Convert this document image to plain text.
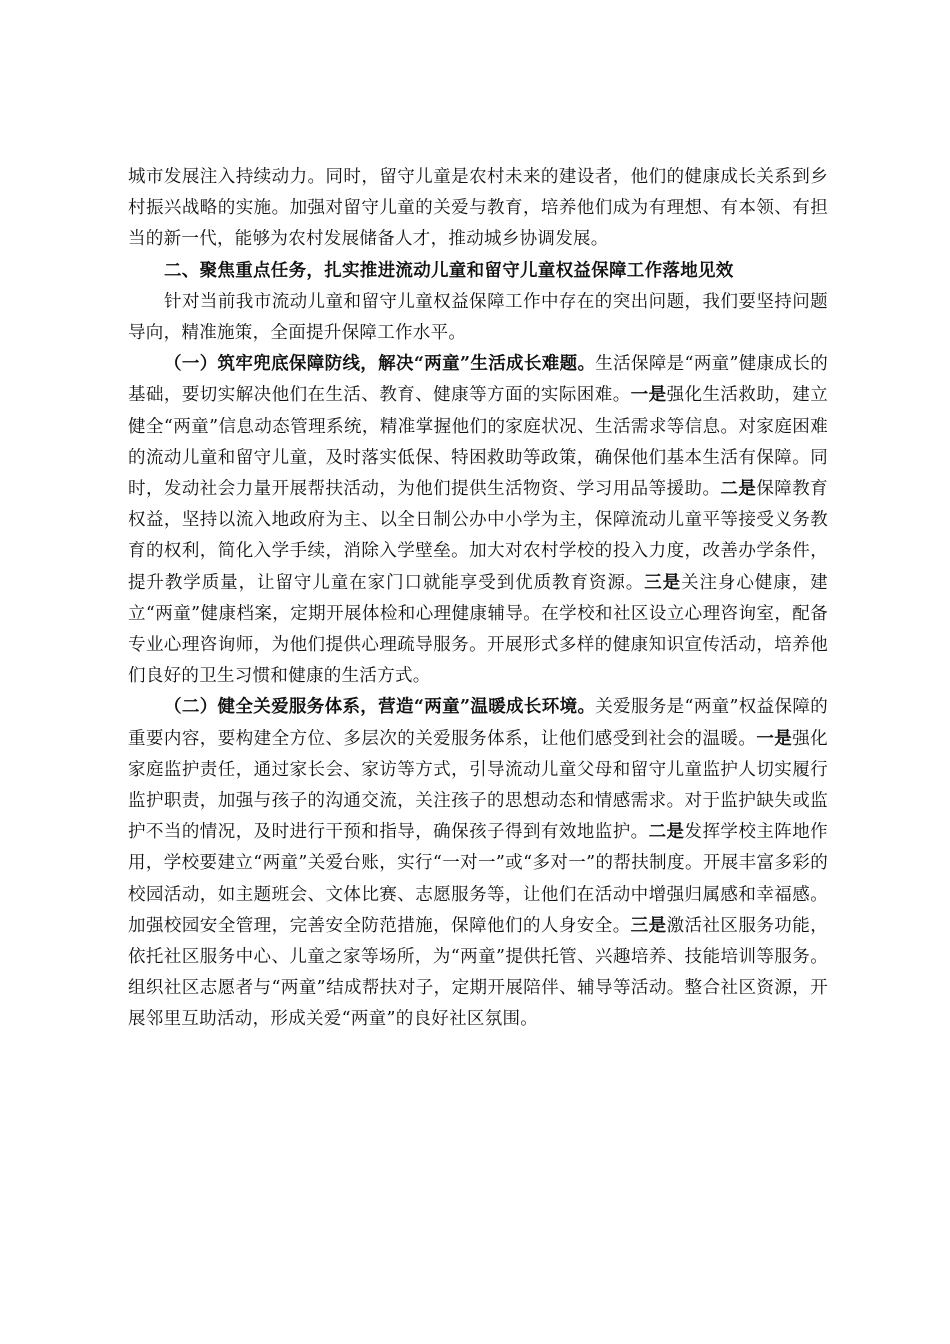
城市发展注入持续动力。同时，留守儿童是农村未来的建设者，他们的健康成长关系到乡村振兴战略的实施。加强对留守儿童的关爱与教育，培养他们成为有理想、有本领、有担当的新一代，能够为农村发展储备人才，推动城乡协调发展。

二、聚焦重点任务，扎实推进流动儿童和留守儿童权益保障工作落地见效

针对当前我市流动儿童和留守儿童权益保障工作中存在的突出问题，我们要坚持问题导向，精准施策，全面提升保障工作水平。

（一）筑牢兜底保障防线，解决“两童”生活成长难题。生活保障是“两童”健康成长的基础，要切实解决他们在生活、教育、健康等方面的实际困难。一是强化生活救助，建立健全“两童”信息动态管理系统，精准掌握他们的家庭状况、生活需求等信息。对家庭困难的流动儿童和留守儿童，及时落实低保、特困救助等政策，确保他们基本生活有保障。同时，发动社会力量开展帮扶活动，为他们提供生活物资、学习用品等援助。二是保障教育权益，坚持以流入地政府为主、以全日制公办中小学为主，保障流动儿童平等接受义务教育的权利，简化入学手续，消除入学壁垒。加大对农村学校的投入力度，改善办学条件，提升教学质量，让留守儿童在家门口就能享受到优质教育资源。三是关注身心健康，建立“两童”健康档案，定期开展体检和心理健康辅导。在学校和社区设立心理咨询室，配备专业心理咨询师，为他们提供心理疏导服务。开展形式多样的健康知识宣传活动，培养他们良好的卫生习惯和健康的生活方式。

（二）健全关爱服务体系，营造“两童”温暖成长环境。关爱服务是“两童”权益保障的重要内容，要构建全方位、多层次的关爱服务体系，让他们感受到社会的温暖。一是强化家庭监护责任，通过家长会、家访等方式，引导流动儿童父母和留守儿童监护人切实履行监护职责，加强与孩子的沟通交流，关注孩子的思想动态和情感需求。对于监护缺失或监护不当的情况，及时进行干预和指导，确保孩子得到有效地监护。二是发挥学校主阵地作用，学校要建立“两童”关爱台账，实行“一对一”或“多对一”的帮扶制度。开展丰富多彩的校园活动，如主题班会、文体比赛、志愿服务等，让他们在活动中增强归属感和幸福感。加强校园安全管理，完善安全防范措施，保障他们的人身安全。三是激活社区服务功能，依托社区服务中心、儿童之家等场所，为“两童”提供托管、兴趣培养、技能培训等服务。组织社区志愿者与“两童”结成帮扶对子，定期开展陪伴、辅导等活动。整合社区资源，开展邻里互助活动，形成关爱“两童”的良好社区氛围。
